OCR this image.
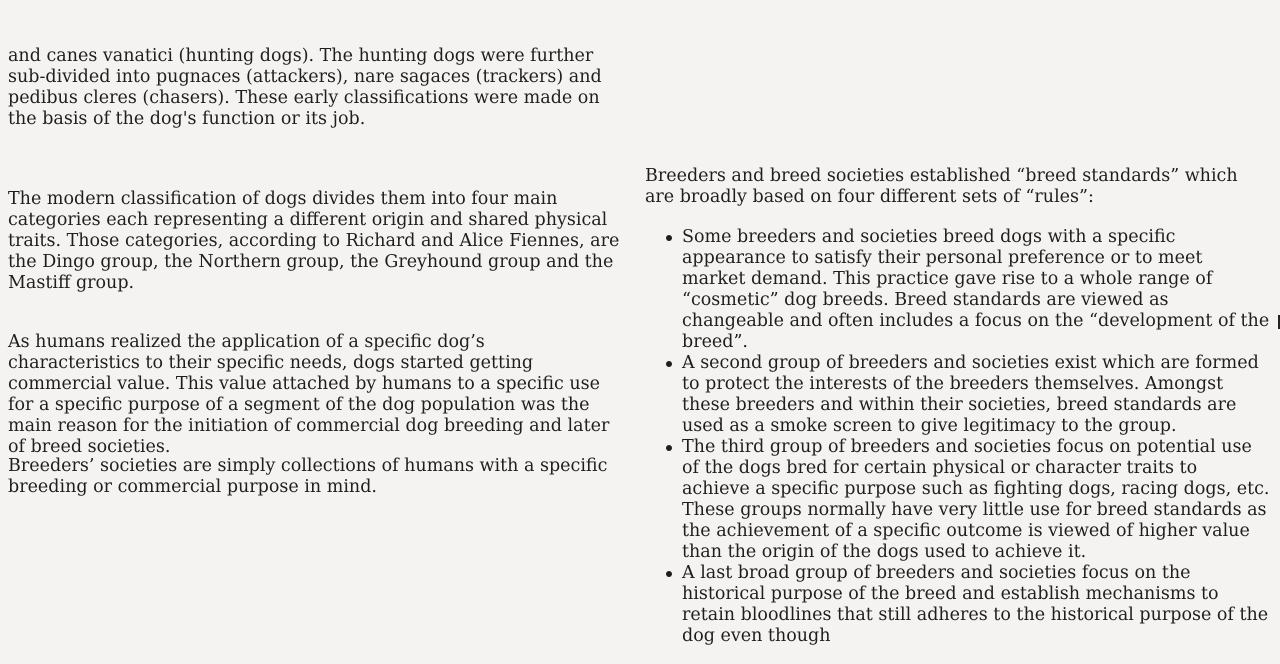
and canes vanatici (hunting dogs). The hunting dogs were further sub-divided into pugnaces (attackers), nare sagaces (trackers) and pedibus cleres (chasers). These early classifications were made on the basis of the dog's function or its job.

The modern classification of dogs divides them into four main categories each representing a different origin and shared physical traits. Those categories, according to Richard and Alice Fiennes, are the Dingo group, the Northern group, the Greyhound group and the Mastiff group.

As humans realized the application of a specific dog’s characteristics to their specific needs, dogs started getting commercial value. This value attached by humans to a specific use for a specific purpose of a segment of the dog population was the main reason for the initiation of commercial dog breeding and later of breed societies.

Breeders’ societies are simply collections of humans with a specific breeding or commercial purpose in mind.

Breeders and breed societies established “breed standards” which are broadly based on four different sets of “rules”:

Some breeders and societies breed dogs with a specific appearance to satisfy their personal preference or to meet market demand. This practice gave rise to a whole range of “cosmetic” dog breeds. Breed standards are viewed as changeable and often includes a focus on the “development of the breed”.
A second group of breeders and societies exist which are formed to protect the interests of the breeders themselves. Amongst these breeders and within their societies, breed standards are used as a smoke screen to give legitimacy to the group.
The third group of breeders and societies focus on potential use of the dogs bred for certain physical or character traits to achieve a specific purpose such as fighting dogs, racing dogs, etc. These groups normally have very little use for breed standards as the achievement of a specific outcome is viewed of higher value than the origin of the dogs used to achieve it.
A last broad group of breeders and societies focus on the historical purpose of the breed and establish mechanisms to retain bloodlines that still adheres to the historical purpose of the dog even though
